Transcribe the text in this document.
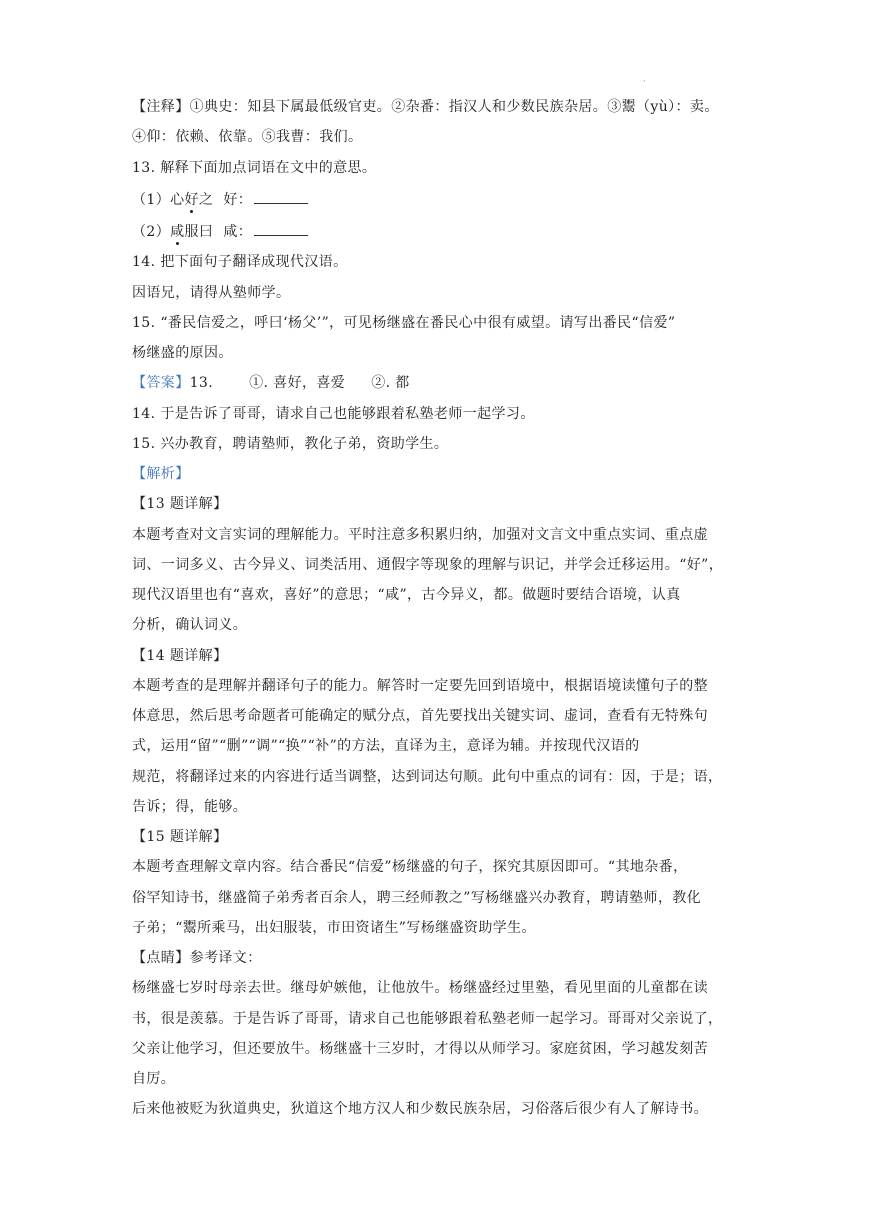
·
【注释】①典史：知县下属最低级官吏。②杂番：指汉人和少数民族杂居。③鬻（yù）：卖。
④仰：依赖、依靠。⑤我曹：我们。
13. 解释下面加点词语在文中的意思。
（1）心好之 好：
（2）咸服曰 咸：
14. 把下面句子翻译成现代汉语。
因语兄，请得从塾师学。
15. “番民信爱之，呼曰‘杨父’”，可见杨继盛在番民心中很有威望。请写出番民“信爱”
杨继盛的原因。
【答案】13.	①. 喜好，喜爱 ②. 都
14. 于是告诉了哥哥，请求自己也能够跟着私塾老师一起学习。
15. 兴办教育，聘请塾师，教化子弟，资助学生。
【解析】
【13 题详解】
本题考查对文言实词的理解能力。平时注意多积累归纳，加强对文言文中重点实词、重点虚
词、一词多义、古今异义、词类活用、通假字等现象的理解与识记，并学会迁移运用。“好”，
现代汉语里也有“喜欢，喜好”的意思；“咸”，古今异义，都。做题时要结合语境，认真
分析，确认词义。
【14 题详解】
本题考查的是理解并翻译句子的能力。解答时一定要先回到语境中，根据语境读懂句子的整
体意思，然后思考命题者可能确定的赋分点，首先要找出关键实词、虚词，查看有无特殊句
式，运用“留”“删”“调”“换”“补”的方法，直译为主，意译为辅。并按现代汉语的
规范，将翻译过来的内容进行适当调整，达到词达句顺。此句中重点的词有：因，于是；语，
告诉；得，能够。
【15 题详解】
本题考查理解文章内容。结合番民“信爱”杨继盛的句子，探究其原因即可。“其地杂番，
俗罕知诗书，继盛简子弟秀者百余人，聘三经师教之”写杨继盛兴办教育，聘请塾师，教化
子弟；“鬻所乘马，出妇服装，市田资诸生”写杨继盛资助学生。
【点睛】参考译文：
杨继盛七岁时母亲去世。继母妒嫉他，让他放牛。杨继盛经过里塾，看见里面的儿童都在读
书，很是羡慕。于是告诉了哥哥，请求自己也能够跟着私塾老师一起学习。哥哥对父亲说了，
父亲让他学习，但还要放牛。杨继盛十三岁时，才得以从师学习。家庭贫困，学习越发刻苦
自厉。
后来他被贬为狄道典史，狄道这个地方汉人和少数民族杂居，习俗落后很少有人了解诗书。
